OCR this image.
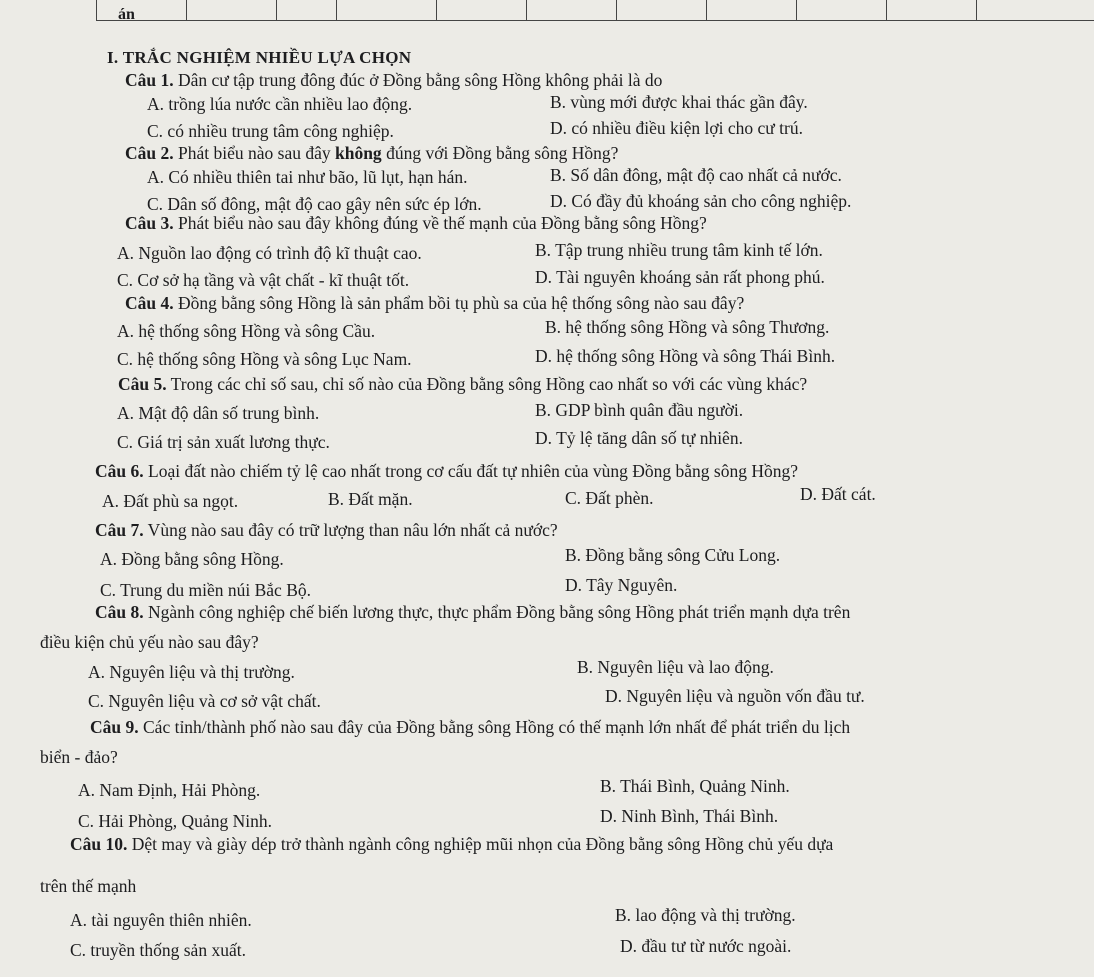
án
I. TRẮC NGHIỆM NHIỀU LỰA CHỌN
Câu 1. Dân cư tập trung đông đúc ở Đồng bằng sông Hồng không phải là do
A. trồng lúa nước cần nhiều lao động.	B. vùng mới được khai thác gần đây.
C. có nhiều trung tâm công nghiệp.	D. có nhiều điều kiện lợi cho cư trú.
Câu 2. Phát biểu nào sau đây không đúng với Đồng bằng sông Hồng?
A. Có nhiều thiên tai như bão, lũ lụt, hạn hán.	B. Số dân đông, mật độ cao nhất cả nước.
C. Dân số đông, mật độ cao gây nên sức ép lớn.	D. Có đầy đủ khoáng sản cho công nghiệp.
Câu 3. Phát biểu nào sau đây không đúng về thế mạnh của Đồng bằng sông Hồng?
A. Nguồn lao động có trình độ kĩ thuật cao.	B. Tập trung nhiều trung tâm kinh tế lớn.
C. Cơ sở hạ tầng và vật chất - kĩ thuật tốt.	D. Tài nguyên khoáng sản rất phong phú.
Câu 4. Đồng bằng sông Hồng là sản phẩm bồi tụ phù sa của hệ thống sông nào sau đây?
A. hệ thống sông Hồng và sông Cầu.	B. hệ thống sông Hồng và sông Thương.
C. hệ thống sông Hồng và sông Lục Nam.	D. hệ thống sông Hồng và sông Thái Bình.
Câu 5. Trong các chỉ số sau, chỉ số nào của Đồng bằng sông Hồng cao nhất so với các vùng khác?
A. Mật độ dân số trung bình.	B. GDP bình quân đầu người.
C. Giá trị sản xuất lương thực.	D. Tỷ lệ tăng dân số tự nhiên.
Câu 6. Loại đất nào chiếm tỷ lệ cao nhất trong cơ cấu đất tự nhiên của vùng Đồng bằng sông Hồng?
A. Đất phù sa ngọt.	B. Đất mặn.	C. Đất phèn.	D. Đất cát.
Câu 7. Vùng nào sau đây có trữ lượng than nâu lớn nhất cả nước?
A. Đồng bằng sông Hồng.	B. Đồng bằng sông Cửu Long.
C. Trung du miền núi Bắc Bộ.	D. Tây Nguyên.
Câu 8. Ngành công nghiệp chế biến lương thực, thực phẩm Đồng bằng sông Hồng phát triển mạnh dựa trên
điều kiện chủ yếu nào sau đây?
A. Nguyên liệu và thị trường.	B. Nguyên liệu và lao động.
C. Nguyên liệu và cơ sở vật chất.	D. Nguyên liệu và nguồn vốn đầu tư.
Câu 9. Các tỉnh/thành phố nào sau đây của Đồng bằng sông Hồng có thế mạnh lớn nhất để phát triển du lịch
biển - đảo?
A. Nam Định, Hải Phòng.	B. Thái Bình, Quảng Ninh.
C. Hải Phòng, Quảng Ninh.	D. Ninh Bình, Thái Bình.
Câu 10. Dệt may và giày dép trở thành ngành công nghiệp mũi nhọn của Đồng bằng sông Hồng chủ yếu dựa
trên thế mạnh
A. tài nguyên thiên nhiên.	B. lao động và thị trường.
C. truyền thống sản xuất.	D. đầu tư từ nước ngoài.
